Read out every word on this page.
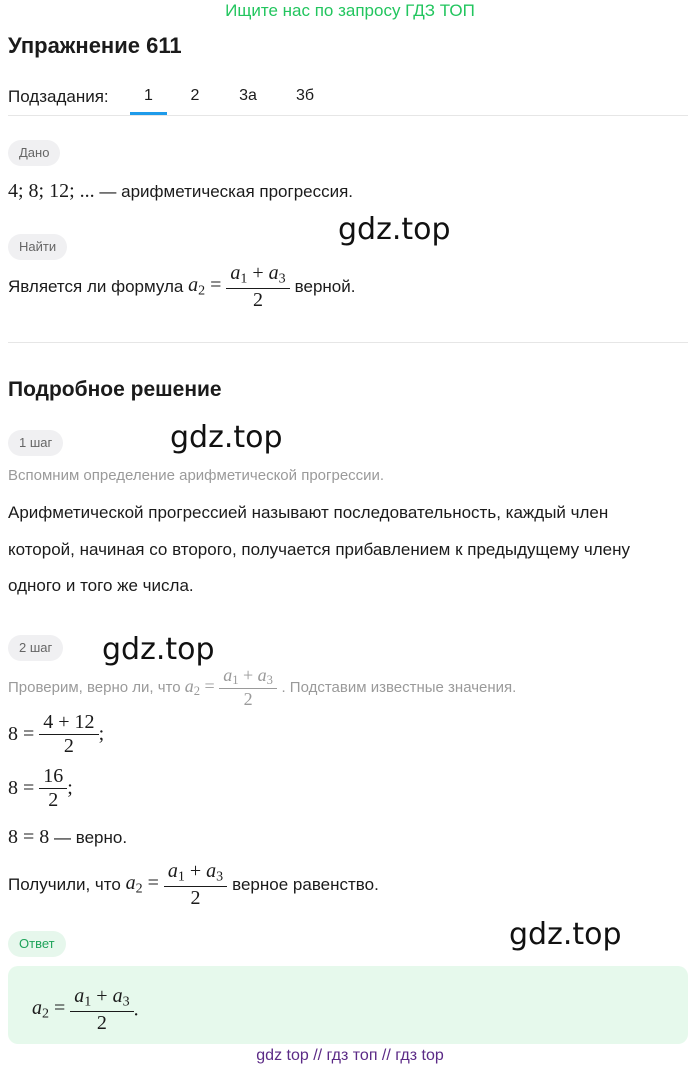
Ищите нас по запросу ГДЗ ТОП
Упражнение 611
Подзадания:	1	2	3а	3б
Дано
4; 8; 12; ... — арифметическая прогрессия.
Найти
Является ли формула $a_2 = \frac{a_1 + a_3}{2}$ верной.
Подробное решение
1 шаг
Вспомним определение арифметической прогрессии.
Арифметической прогрессией называют последовательность, каждый член
которой, начиная со второго, получается прибавлением к предыдущему члену
одного и того же числа.
2 шаг
Проверим, верно ли, что $a_2 = \frac{a_1 + a_3}{2}$ . Подставим известные значения.
$8 = \frac{4 + 12}{2}$ ;
$8 = \frac{16}{2}$ ;
8 = 8 — верно.
Получили, что $a_2 = \frac{a_1 + a_3}{2}$ верное равенство.
Ответ
$a_2 = \frac{a_1 + a_3}{2}$ .
gdz.top
gdz.top
gdz.top
gdz.top
gdz top // гдз топ // гдз top
